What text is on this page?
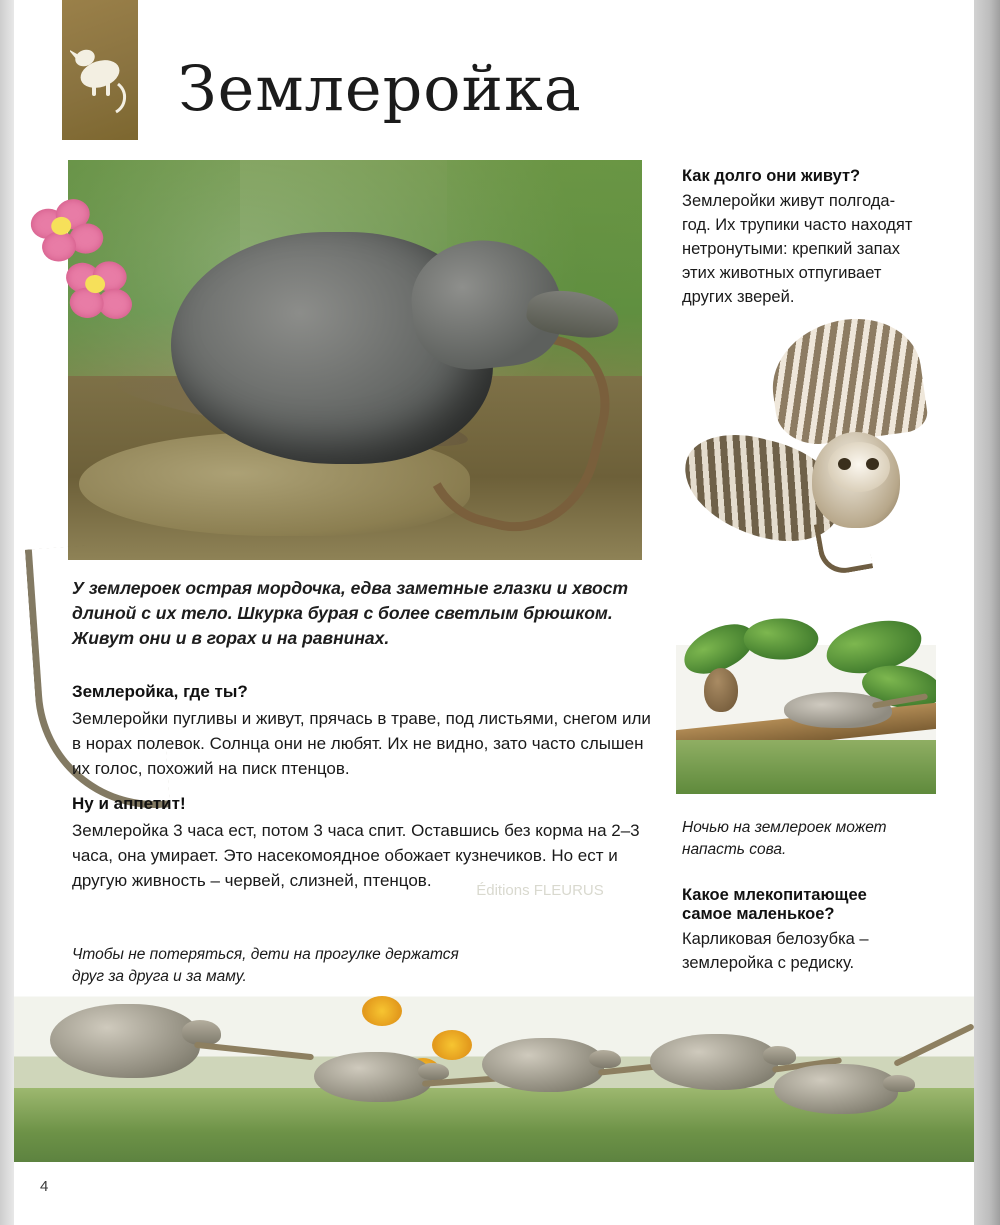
Землеройка
Éditions FLEURUS
У землероек острая мордочка, едва заметные глазки и хвост длиной с их тело. Шкурка бурая с более светлым брюшком. Живут они и в горах и на равнинах.
Землеройка, где ты?

Землеройки пугливы и живут, прячась в траве, под листьями, снегом или в норах полевок. Солнца они не любят. Их не видно, зато часто слышен их голос, похожий на писк птенцов.

Ну и аппетит!

Землеройка 3 часа ест, потом 3 часа спит. Оставшись без корма на 2–3 часа, она умирает. Это насекомоядное обожает кузнечиков. Но ест и другую живность – червей, слизней, птенцов.

Чтобы не потеряться, дети на прогулке держатся друг за друга и за маму.
Как долго они живут?

Землеройки живут полгода-год. Их трупики часто находят нетронутыми: крепкий запах этих животных отпугивает других зверей.

Ночью на землероек может напасть сова.
Какое млекопитающее самое маленькое?

Карликовая белозубка – землеройка с редиску.

4
